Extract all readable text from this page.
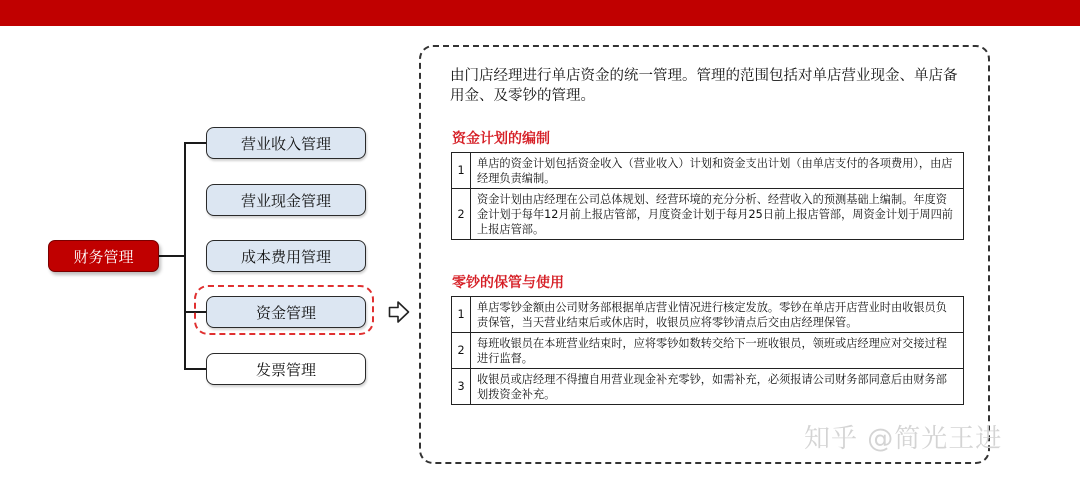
财务管理
营业收入管理
营业现金管理
成本费用管理
资金管理
发票管理
由门店经理进行单店资金的统一管理。管理的范围包括对单店营业现金、单店备用金、及零钞的管理。
资金计划的编制
1	单店的资金计划包括资金收入（营业收入）计划和资金支出计划（由单店支付的各项费用），由店经理负责编制。
2	资金计划由店经理在公司总体规划、经营环境的充分分析、经营收入的预测基础上编制。年度资金计划于每年12月前上报店管部，月度资金计划于每月25日前上报店管部，周资金计划于周四前上报店管部。
零钞的保管与使用
1	单店零钞金额由公司财务部根据单店营业情况进行核定发放。零钞在单店开店营业时由收银员负责保管，当天营业结束后或休店时，收银员应将零钞清点后交由店经理保管。
2	每班收银员在本班营业结束时，应将零钞如数转交给下一班收银员，领班或店经理应对交接过程进行监督。
3	收银员或店经理不得擅自用营业现金补充零钞，如需补充，必须报请公司财务部同意后由财务部划拨资金补充。
知乎 @简光王进
